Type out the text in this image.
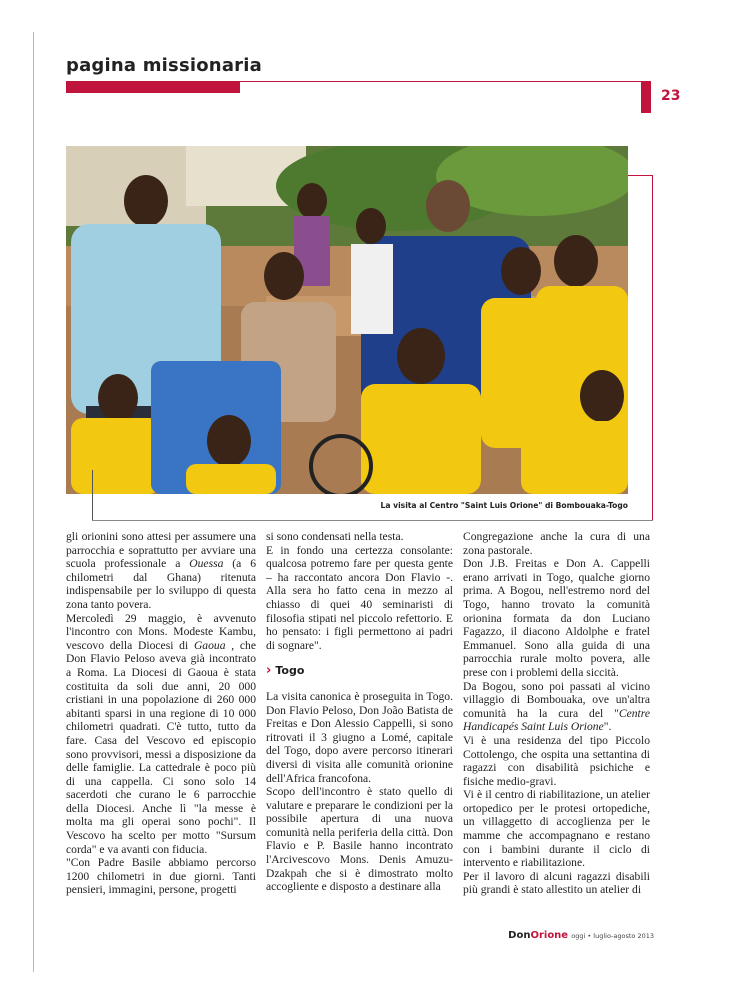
pagina missionaria
23
La visita al Centro "Saint Luis Orione" di Bombouaka-Togo

gli orionini sono attesi per assumere una parrocchia e soprattutto per avviare una scuola professionale a Ouessa (a 6 chilometri dal Ghana) ritenuta indispensabile per lo sviluppo di questa zona tanto povera.

Mercoledì 29 maggio, è avvenuto l'incontro con Mons. Modeste Kambu, vescovo della Diocesi di Gaoua , che Don Flavio Peloso aveva già incontrato a Roma. La Diocesi di Gaoua è stata costituita da soli due anni, 20 000 cristiani in una popolazione di 260 000 abitanti sparsi in una regione di 10 000 chilometri quadrati. C'è tutto, tutto da fare. Casa del Vescovo ed episcopio sono provvisori, messi a disposizione da delle famiglie. La cattedrale è poco più di una cappella. Ci sono solo 14 sacerdoti che curano le 6 parrocchie della Diocesi. Anche lì "la messe è molta ma gli operai sono pochi". Il Vescovo ha scelto per motto "Sursum corda" e va avanti con fiducia.

"Con Padre Basile abbiamo percorso 1200 chilometri in due giorni. Tanti pensieri, immagini, persone, progetti

si sono condensati nella testa.

E in fondo una certezza consolante: qualcosa potremo fare per questa gente – ha raccontato ancora Don Flavio -. Alla sera ho fatto cena in mezzo al chiasso di quei 40 seminaristi di filosofia stipati nel piccolo refettorio. E ho pensato: i figli permettono ai padri di sognare".

› Togo

La visita canonica è proseguita in Togo. Don Flavio Peloso, Don João Batista de Freitas e Don Alessio Cappelli, si sono ritrovati il 3 giugno a Lomé, capitale del Togo, dopo avere percorso itinerari diversi di visita alle comunità orionine dell'Africa francofona.

Scopo dell'incontro è stato quello di valutare e preparare le condizioni per la possibile apertura di una nuova comunità nella periferia della città. Don Flavio e P. Basile hanno incontrato l'Arcivescovo Mons. Denis Amuzu-Dzakpah che si è dimostrato molto accogliente e disposto a destinare alla

Congregazione anche la cura di una zona pastorale.

Don J.B. Freitas e Don A. Cappelli erano arrivati in Togo, qualche giorno prima. A Bogou, nell'estremo nord del Togo, hanno trovato la comunità orionina formata da don Luciano Fagazzo, il diacono Aldolphe e fratel Emmanuel. Sono alla guida di una parrocchia rurale molto povera, alle prese con i problemi della siccità.

Da Bogou, sono poi passati al vicino villaggio di Bombouaka, ove un'altra comunità ha la cura del "Centre Handicapés Saint Luis Orione".

Vi è una residenza del tipo Piccolo Cottolengo, che ospita una settantina di ragazzi con disabilità psichiche e fisiche medio-gravi.

Vi è il centro di riabilitazione, un atelier ortopedico per le protesi ortopediche, un villaggetto di accoglienza per le mamme che accompagnano e restano con i bambini durante il ciclo di intervento e riabilitazione.

Per il lavoro di alcuni ragazzi disabili più grandi è stato allestito un atelier di

DonOrione oggi • luglio-agosto 2013
